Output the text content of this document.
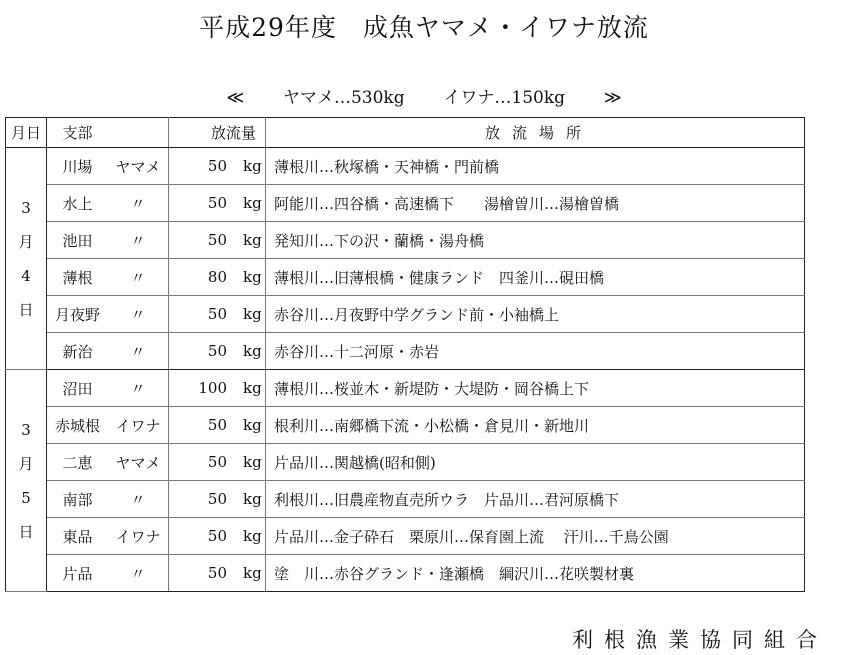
平成29年度　成魚ヤマメ・イワナ放流
≪ ヤマメ…530kg イワナ…150kg ≫
月日	支部		放流	量	放流場所

3
月
4
日	川場	ヤマメ	50	kg	薄根川…秋塚橋・天神橋・門前橋
	水上	〃	50	kg	阿能川…四谷橋・高速橋下　　湯檜曽川…湯檜曽橋
	池田	〃	50	kg	発知川…下の沢・蘭橋・湯舟橋
	薄根	〃	80	kg	薄根川…旧薄根橋・健康ランド　四釜川…硯田橋
	月夜野	〃	50	kg	赤谷川…月夜野中学グランド前・小袖橋上
	新治	〃	50	kg	赤谷川…十二河原・赤岩

3
月
5
日	沼田	〃	100	kg	薄根川…桜並木・新堤防・大堤防・岡谷橋上下
	赤城根	イワナ	50	kg	根利川…南郷橋下流・小松橋・倉見川・新地川
	二恵	ヤマメ	50	kg	片品川…関越橋(昭和側)
	南部	〃	50	kg	利根川…旧農産物直売所ウラ　片品川…君河原橋下
	東品	イワナ	50	kg	片品川…金子砕石　栗原川…保育園上流　 汗川…千鳥公園
	片品	〃	50	kg	塗　川…赤谷グランド・逢瀬橋　綱沢川…花咲製材裏
利根漁業協同組合
